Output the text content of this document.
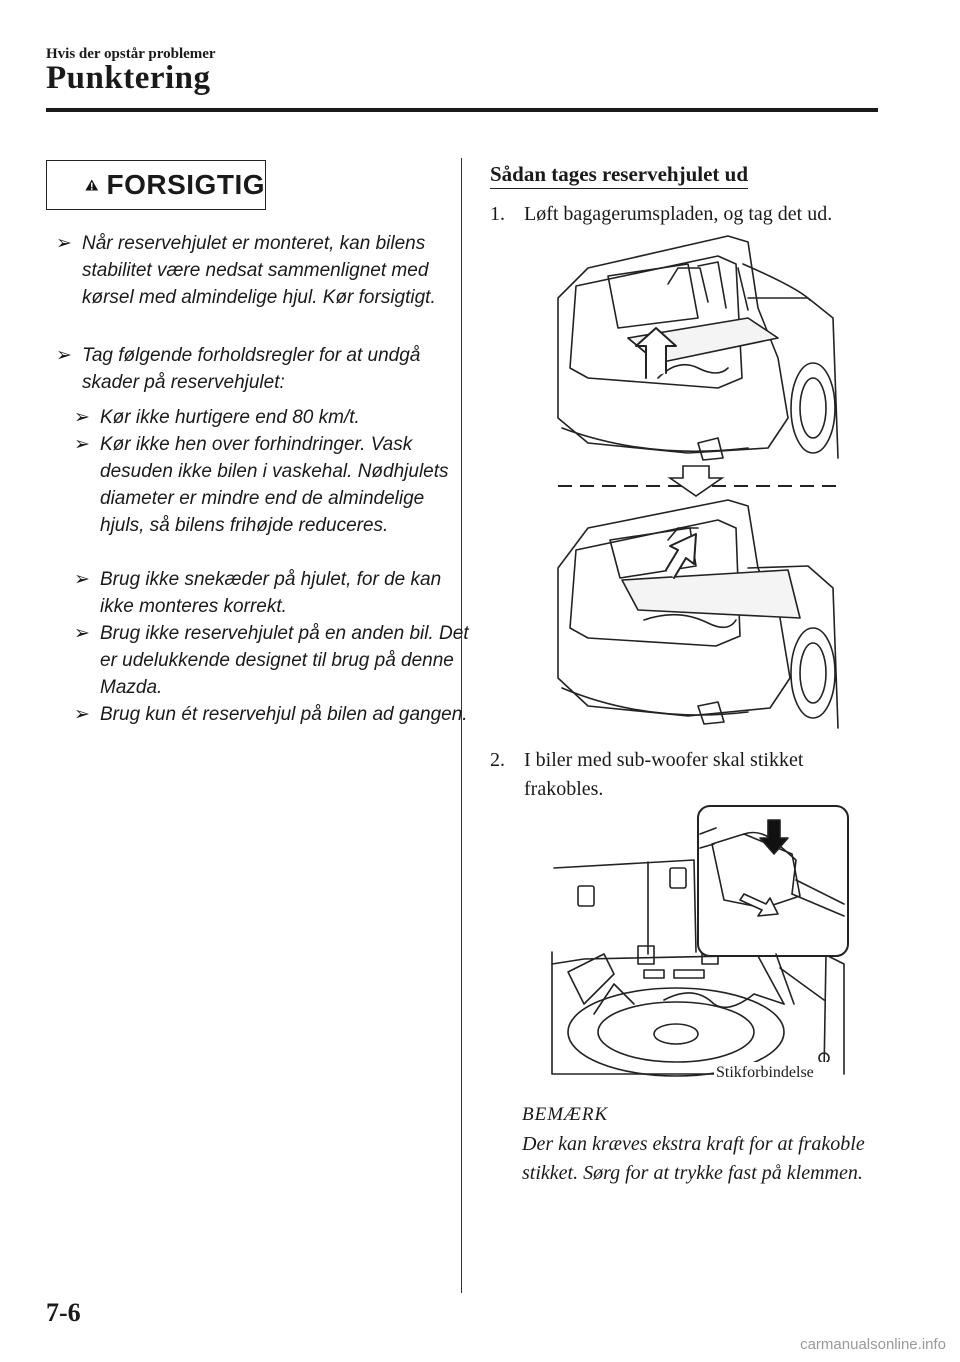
Hvis der opstår problemer
Punktering
FORSIGTIG
➢ Når reservehjulet er monteret, kan bilens stabilitet være nedsat sammenlignet med kørsel med almindelige hjul. Kør forsigtigt.
➢ Tag følgende forholdsregler for at undgå skader på reservehjulet:
➢ Kør ikke hurtigere end 80 km/t.
➢ Kør ikke hen over forhindringer. Vask desuden ikke bilen i vaskehal. Nødhjulets diameter er mindre end de almindelige hjuls, så bilens frihøjde reduceres.
➢ Brug ikke snekæder på hjulet, for de kan ikke monteres korrekt.
➢ Brug ikke reservehjulet på en anden bil. Det er udelukkende designet til brug på denne Mazda.
➢ Brug kun ét reservehjul på bilen ad gangen.
Sådan tages reservehjulet ud
1. Løft bagagerumspladen, og tag det ud.
2. I biler med sub-woofer skal stikket frakobles.
Stikforbindelse
BEMÆRK
Der kan kræves ekstra kraft for at frakoble stikket. Sørg for at trykke fast på klemmen.
7-6
carmanualsonline.info
